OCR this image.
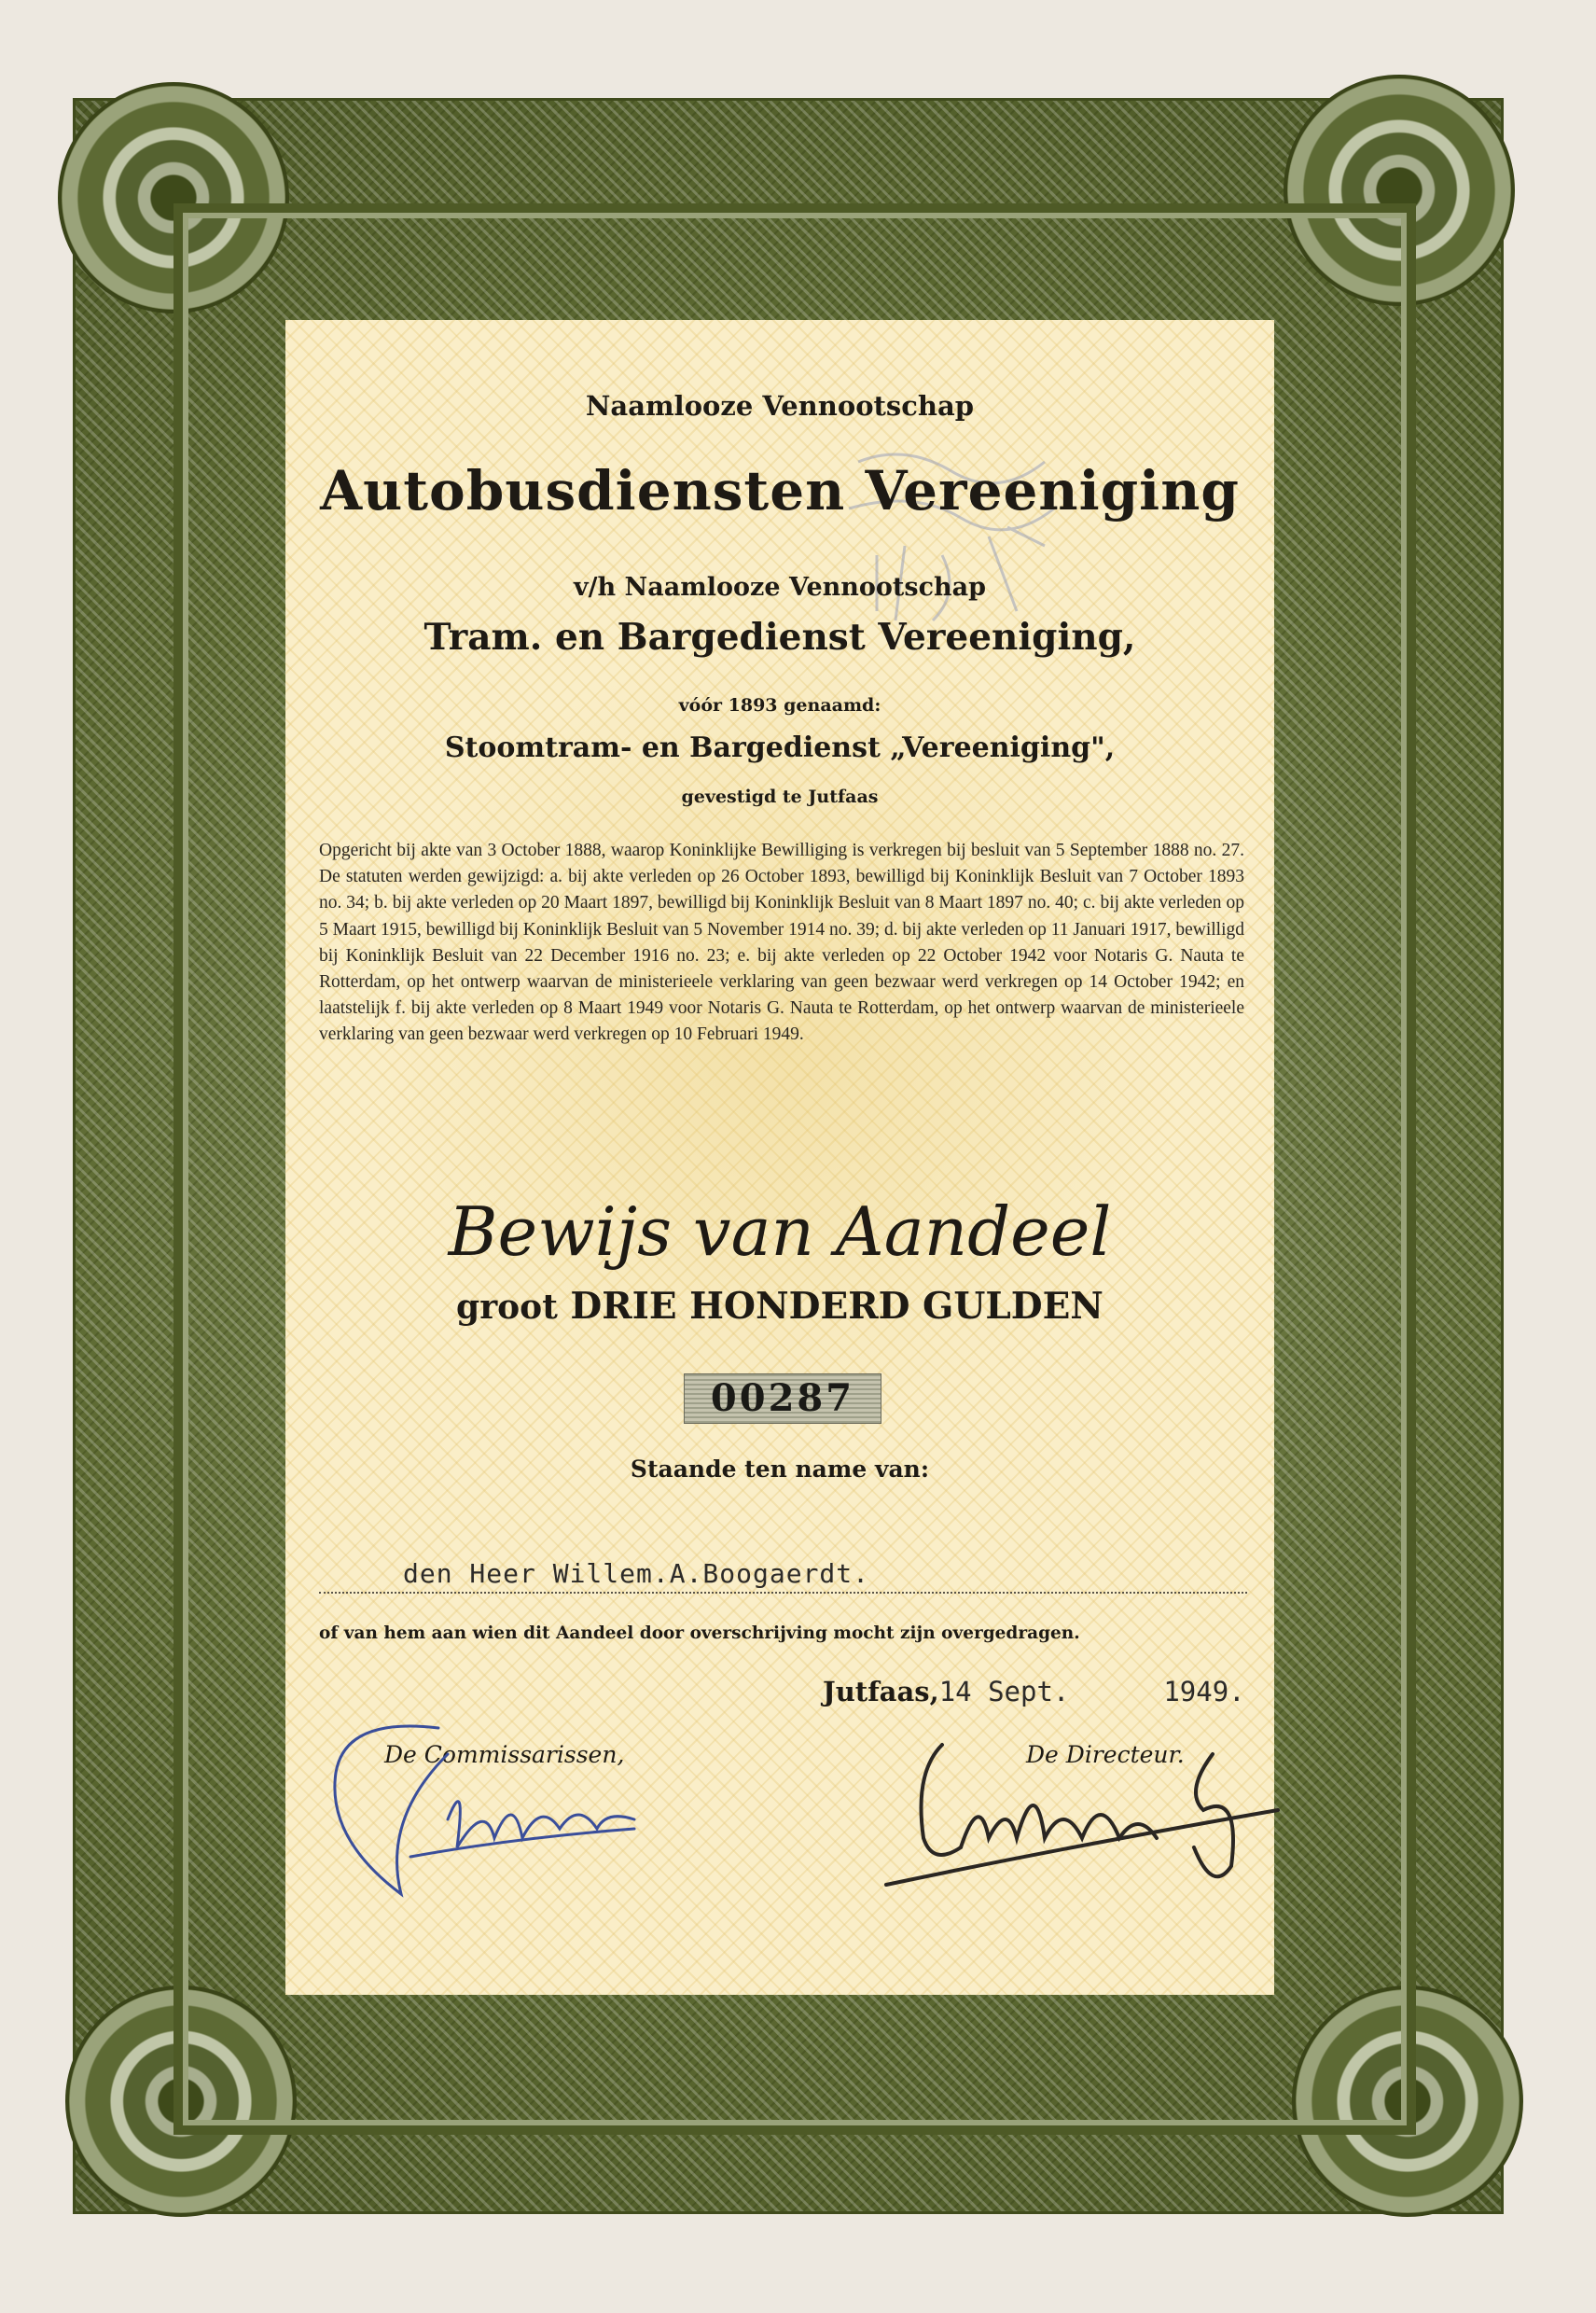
Naamlooze Vennootschap

Autobusdiensten Vereeniging

v/h Naamlooze Vennootschap

Tram. en Bargedienst Vereeniging,

vóór 1893 genaamd:

Stoomtram- en Bargedienst „Vereeniging",

gevestigd te Jutfaas

Opgericht bij akte van 3 October 1888, waarop Koninklijke Bewilliging is verkregen bij besluit van 5 September 1888 no. 27. De statuten werden gewijzigd: a. bij akte verleden op 26 October 1893, bewilligd bij Koninklijk Besluit van 7 October 1893 no. 34; b. bij akte verleden op 20 Maart 1897, bewilligd bij Koninklijk Besluit van 8 Maart 1897 no. 40; c. bij akte verleden op 5 Maart 1915, bewilligd bij Koninklijk Besluit van 5 November 1914 no. 39; d. bij akte verleden op 11 Januari 1917, bewilligd bij Koninklijk Besluit van 22 December 1916 no. 23; e. bij akte verleden op 22 October 1942 voor Notaris G. Nauta te Rotterdam, op het ontwerp waarvan de ministerieele verklaring van geen bezwaar werd verkregen op 14 October 1942; en laatstelijk f. bij akte verleden op 8 Maart 1949 voor Notaris G. Nauta te Rotterdam, op het ontwerp waarvan de ministerieele verklaring van geen bezwaar werd verkregen op 10 Februari 1949.

Bewijs van Aandeel

groot DRIE HONDERD GULDEN

00287

Staande ten name van:

den Heer Willem.A.Boogaerdt.

of van hem aan wien dit Aandeel door overschrijving mocht zijn overgedragen.

Jutfaas,14 Sept.	1949.

De Commissarissen,	De Directeur.
